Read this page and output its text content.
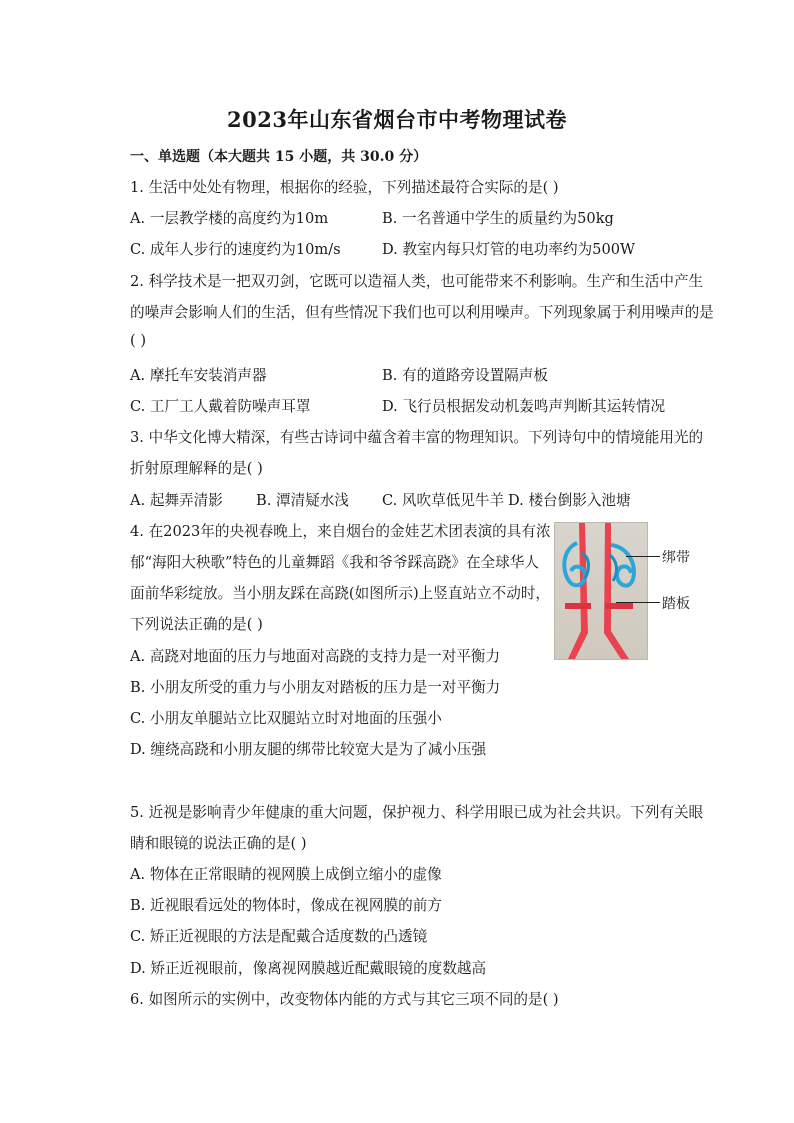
2023年山东省烟台市中考物理试卷
一、单选题（本大题共 15 小题，共 30.0 分）
1. 生活中处处有物理，根据你的经验，下列描述最符合实际的是( )
A. 一层教学楼的高度约为10m	B. 一名普通中学生的质量约为50kg
C. 成年人步行的速度约为10m/s	D. 教室内每只灯管的电功率约为500W
2. 科学技术是一把双刃剑，它既可以造福人类，也可能带来不利影响。生产和生活中产生
的噪声会影响人们的生活，但有些情况下我们也可以利用噪声。下列现象属于利用噪声的是
( )
A. 摩托车安装消声器	B. 有的道路旁设置隔声板
C. 工厂工人戴着防噪声耳罩	D. 飞行员根据发动机轰鸣声判断其运转情况
3. 中华文化博大精深，有些古诗词中蕴含着丰富的物理知识。下列诗句中的情境能用光的
折射原理解释的是( )
A. 起舞弄清影 B. 潭清疑水浅 C. 风吹草低见牛羊 D. 楼台倒影入池塘
4. 在2023年的央视春晚上，来自烟台的金娃艺术团表演的具有浓
郁“海阳大秧歌”特色的儿童舞蹈《我和爷爷踩高跷》在全球华人
面前华彩绽放。当小朋友踩在高跷(如图所示)上竖直站立不动时，
下列说法正确的是( )
A. 高跷对地面的压力与地面对高跷的支持力是一对平衡力
B. 小朋友所受的重力与小朋友对踏板的压力是一对平衡力
C. 小朋友单腿站立比双腿站立时对地面的压强小
D. 缠绕高跷和小朋友腿的绑带比较宽大是为了减小压强
绑带
踏板
5. 近视是影响青少年健康的重大问题，保护视力、科学用眼已成为社会共识。下列有关眼
睛和眼镜的说法正确的是( )
A. 物体在正常眼睛的视网膜上成倒立缩小的虚像
B. 近视眼看远处的物体时，像成在视网膜的前方
C. 矫正近视眼的方法是配戴合适度数的凸透镜
D. 矫正近视眼前，像离视网膜越近配戴眼镜的度数越高
6. 如图所示的实例中，改变物体内能的方式与其它三项不同的是( )
